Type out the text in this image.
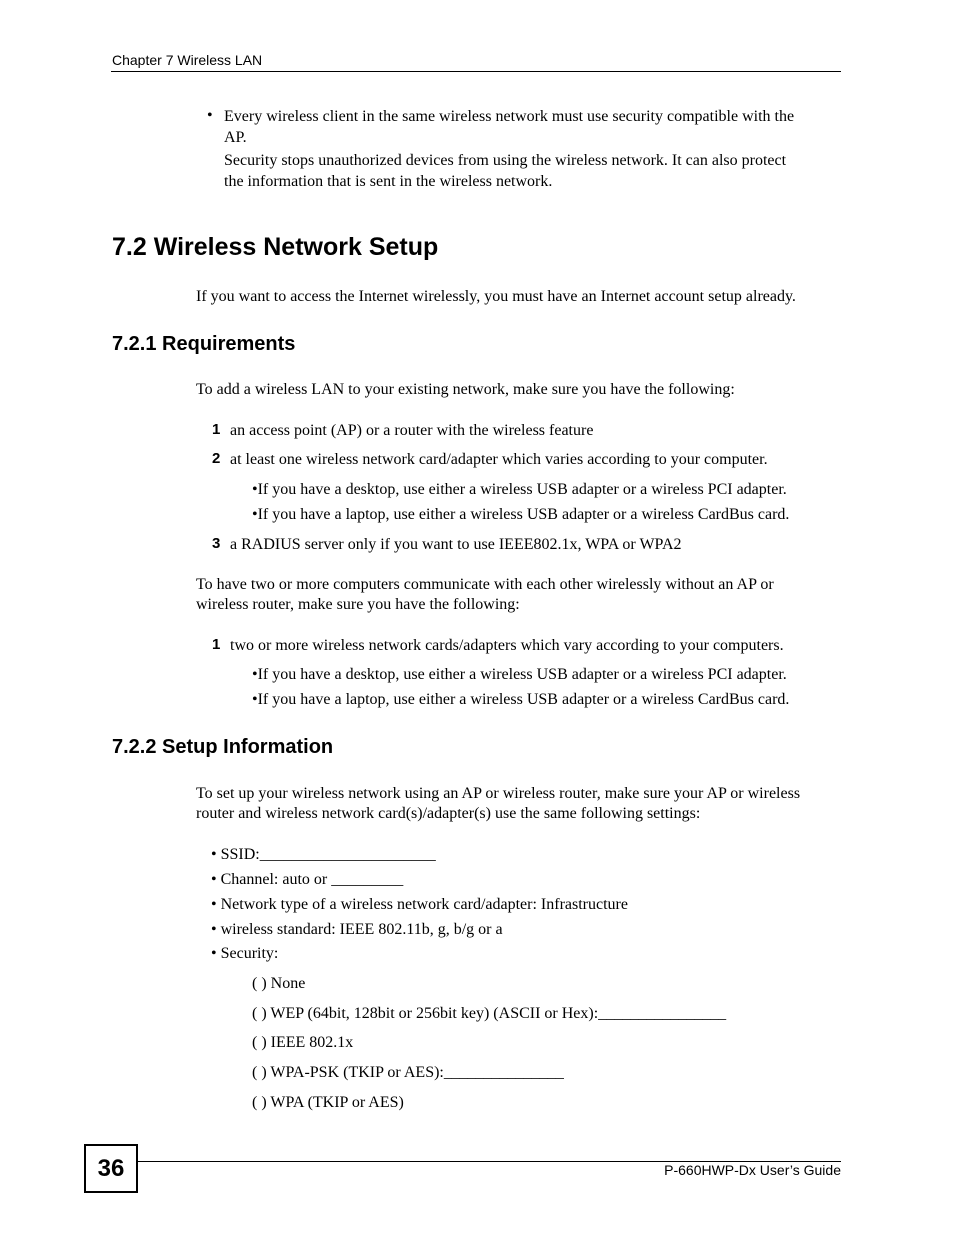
Chapter 7 Wireless LAN
• Every wireless client in the same wireless network must use security compatible with the
AP.
Security stops unauthorized devices from using the wireless network. It can also protect
the information that is sent in the wireless network.
7.2 Wireless Network Setup
If you want to access the Internet wirelessly, you must have an Internet account setup already.
7.2.1 Requirements
To add a wireless LAN to your existing network, make sure you have the following:
1 an access point (AP) or a router with the wireless feature
2 at least one wireless network card/adapter which varies according to your computer.
•If you have a desktop, use either a wireless USB adapter or a wireless PCI adapter.
•If you have a laptop, use either a wireless USB adapter or a wireless CardBus card.
3 a RADIUS server only if you want to use IEEE802.1x, WPA or WPA2
To have two or more computers communicate with each other wirelessly without an AP or
wireless router, make sure you have the following:
1 two or more wireless network cards/adapters which vary according to your computers.
•If you have a desktop, use either a wireless USB adapter or a wireless PCI adapter.
•If you have a laptop, use either a wireless USB adapter or a wireless CardBus card.
7.2.2 Setup Information
To set up your wireless network using an AP or wireless router, make sure your AP or wireless
router and wireless network card(s)/adapter(s) use the same following settings:
• SSID:______________________
• Channel: auto or _________
• Network type of a wireless network card/adapter: Infrastructure
• wireless standard: IEEE 802.11b, g, b/g or a
• Security:
( ) None
( ) WEP (64bit, 128bit or 256bit key) (ASCII or Hex):________________
( ) IEEE 802.1x
( ) WPA-PSK (TKIP or AES):_______________
( ) WPA (TKIP or AES)
36	P-660HWP-Dx User’s Guide
